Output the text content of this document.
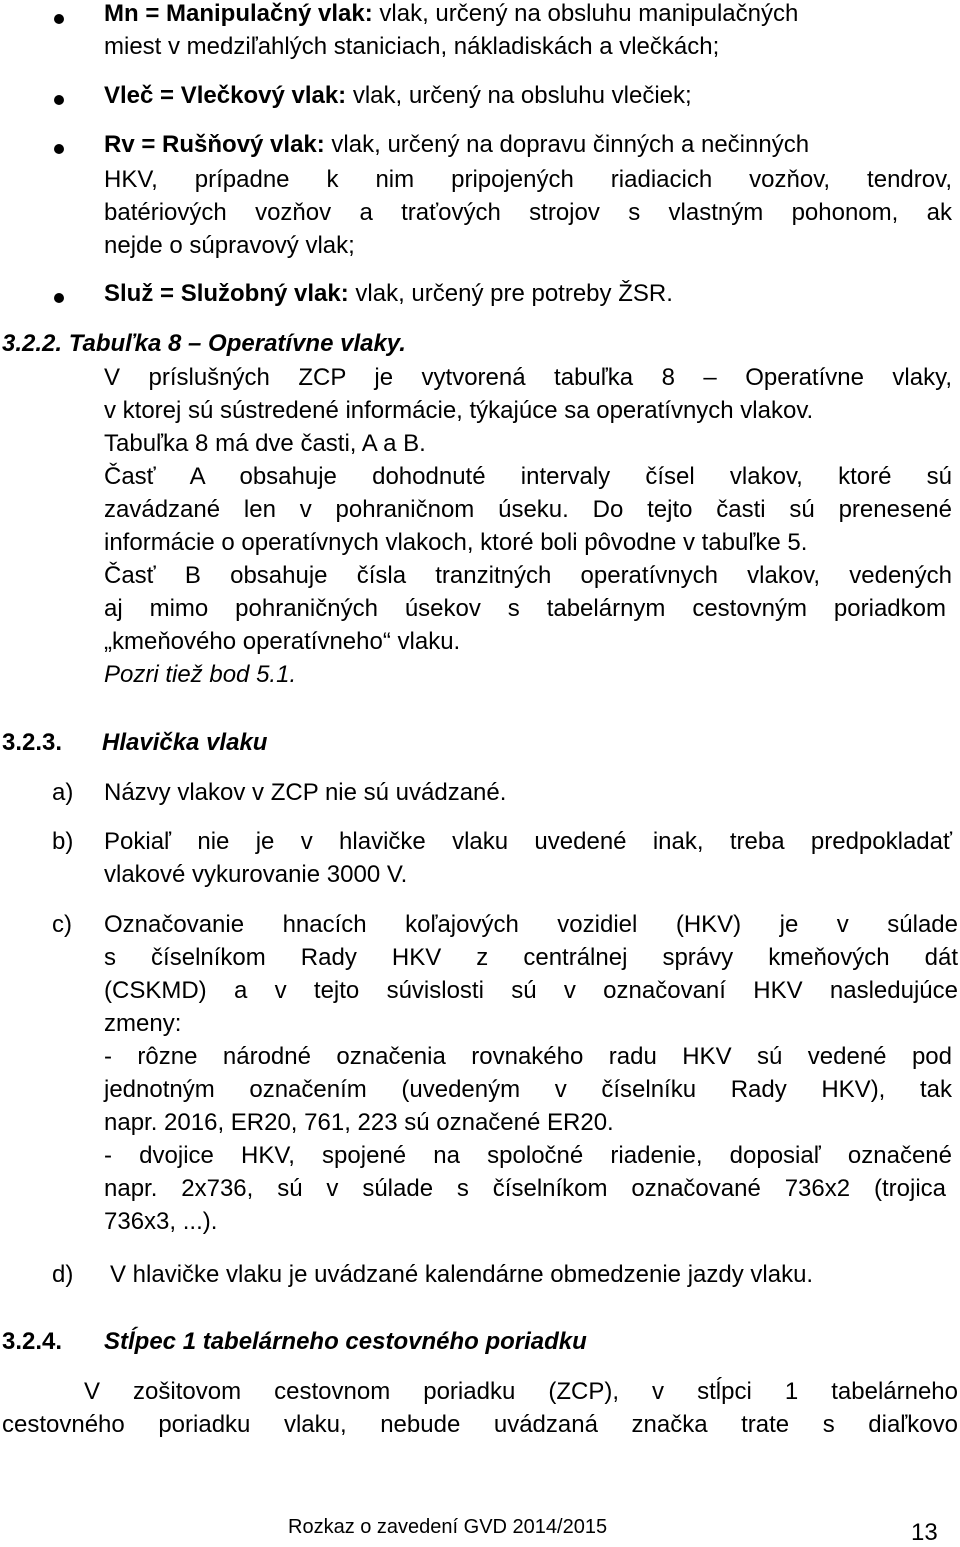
Mn = Manipulačný vlak: vlak, určený na obsluhu manipulačných
miest v medziľahlých staniciach, nákladiskách a vlečkách;
Vleč = Vlečkový vlak: vlak, určený na obsluhu vlečiek;
Rv = Rušňový vlak: vlak, určený na dopravu činných a nečinných
HKV, prípadne k nim pripojených riadiacich vozňov, tendrov,
batériových vozňov a traťových strojov s vlastným pohonom, ak
nejde o súpravový vlak;
Služ = Služobný vlak: vlak, určený pre potreby ŽSR.
3.2.2. Tabuľka 8 – Operatívne vlaky.
V príslušných ZCP je vytvorená tabuľka 8 – Operatívne vlaky,
v ktorej sú sústredené informácie, týkajúce sa operatívnych vlakov.
Tabuľka 8 má dve časti, A a B.
Časť A obsahuje dohodnuté intervaly čísel vlakov, ktoré sú
zavádzané len v pohraničnom úseku. Do tejto časti sú prenesené
informácie o operatívnych vlakoch, ktoré boli pôvodne v tabuľke 5.
Časť B obsahuje čísla tranzitných operatívnych vlakov, vedených
aj mimo pohraničných úsekov s tabelárnym cestovným poriadkom
„kmeňového operatívneho“ vlaku.
Pozri tiež bod 5.1.
3.2.3. Hlavička vlaku
a) Názvy vlakov v ZCP nie sú uvádzané.
b) Pokiaľ nie je v hlavičke vlaku uvedené inak, treba predpokladať
vlakové vykurovanie 3000 V.
c) Označovanie hnacích koľajových vozidiel (HKV) je v súlade
s číselníkom Rady HKV z centrálnej správy kmeňových dát
(CSKMD) a v tejto súvislosti sú v označovaní HKV nasledujúce
zmeny:
- rôzne národné označenia rovnakého radu HKV sú vedené pod
jednotným označením (uvedeným v číselníku Rady HKV), tak
napr. 2016, ER20, 761, 223 sú označené ER20.
- dvojice HKV, spojené na spoločné riadenie, doposiaľ označené
napr. 2x736, sú v súlade s číselníkom označované 736x2 (trojica
736x3, ...).
d) V hlavičke vlaku je uvádzané kalendárne obmedzenie jazdy vlaku.
3.2.4. Stĺpec 1 tabelárneho cestovného poriadku
V zošitovom cestovnom poriadku (ZCP), v stĺpci 1 tabelárneho
cestovného poriadku vlaku, nebude uvádzaná značka trate s diaľkovo
Rozkaz o zavedení GVD 2014/2015	13
